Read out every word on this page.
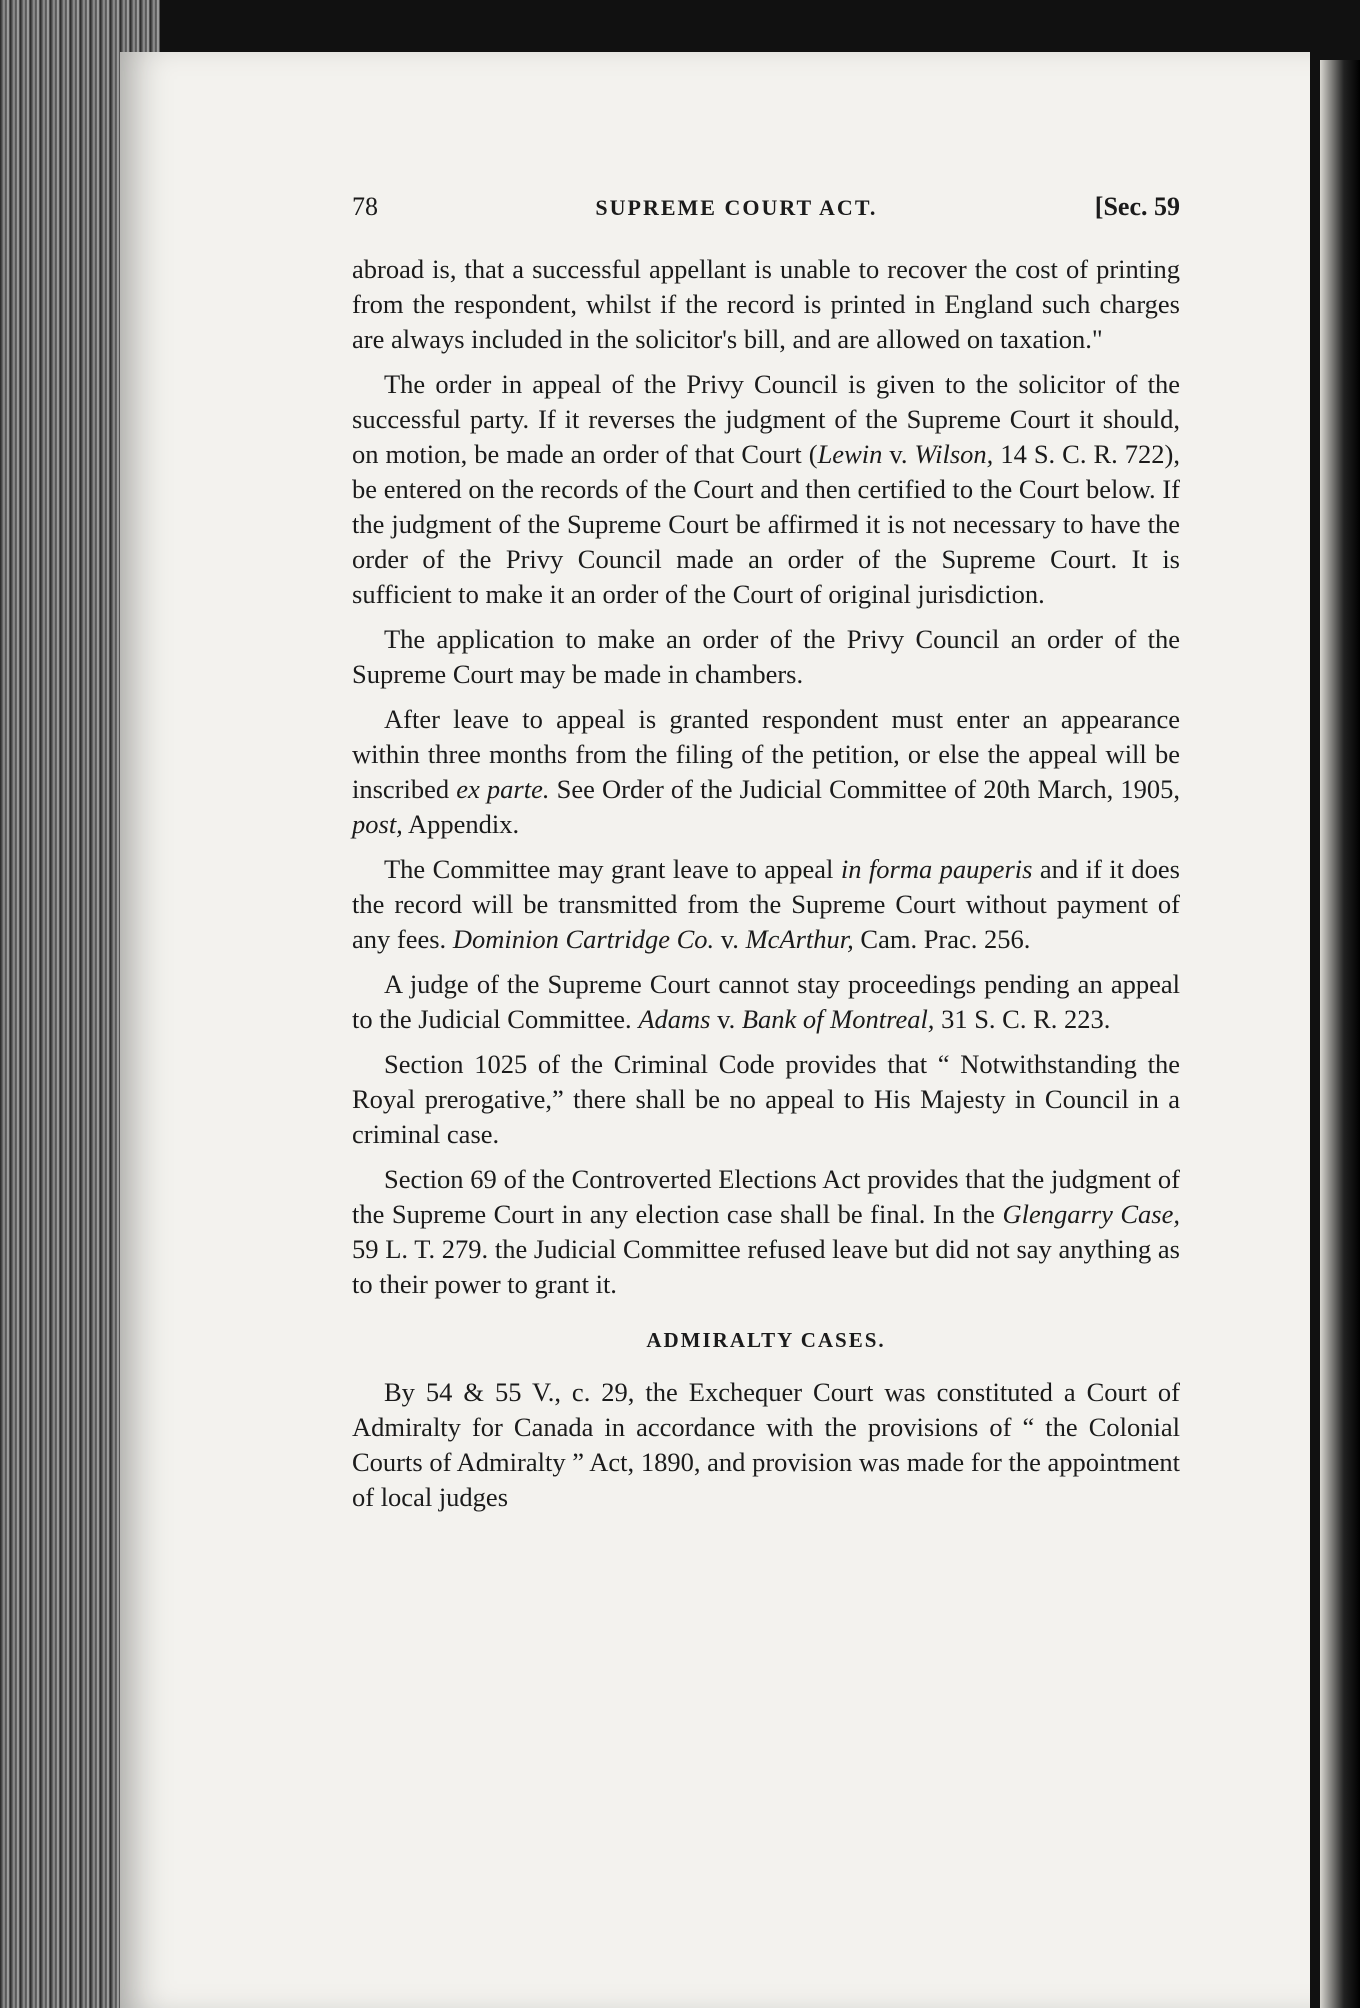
78	SUPREME COURT ACT.	[Sec. 59

abroad is, that a successful appellant is unable to recover the cost of printing from the respondent, whilst if the record is printed in England such charges are always included in the solicitor's bill, and are allowed on taxation."

The order in appeal of the Privy Council is given to the solicitor of the successful party. If it reverses the judgment of the Supreme Court it should, on motion, be made an order of that Court (Lewin v. Wilson, 14 S. C. R. 722), be entered on the records of the Court and then certified to the Court below. If the judgment of the Supreme Court be affirmed it is not necessary to have the order of the Privy Council made an order of the Supreme Court. It is sufficient to make it an order of the Court of original jurisdiction.

The application to make an order of the Privy Council an order of the Supreme Court may be made in chambers.

After leave to appeal is granted respondent must enter an appearance within three months from the filing of the petition, or else the appeal will be inscribed ex parte. See Order of the Judicial Committee of 20th March, 1905, post, Appendix.

The Committee may grant leave to appeal in forma pauperis and if it does the record will be transmitted from the Supreme Court without payment of any fees. Dominion Cartridge Co. v. McArthur, Cam. Prac. 256.

A judge of the Supreme Court cannot stay proceedings pending an appeal to the Judicial Committee. Adams v. Bank of Montreal, 31 S. C. R. 223.

Section 1025 of the Criminal Code provides that “ Notwithstanding the Royal prerogative,” there shall be no appeal to His Majesty in Council in a criminal case.

Section 69 of the Controverted Elections Act provides that the judgment of the Supreme Court in any election case shall be final. In the Glengarry Case, 59 L. T. 279. the Judicial Committee refused leave but did not say anything as to their power to grant it.

ADMIRALTY CASES.

By 54 & 55 V., c. 29, the Exchequer Court was constituted a Court of Admiralty for Canada in accordance with the provisions of “ the Colonial Courts of Admiralty ” Act, 1890, and provision was made for the appointment of local judges
